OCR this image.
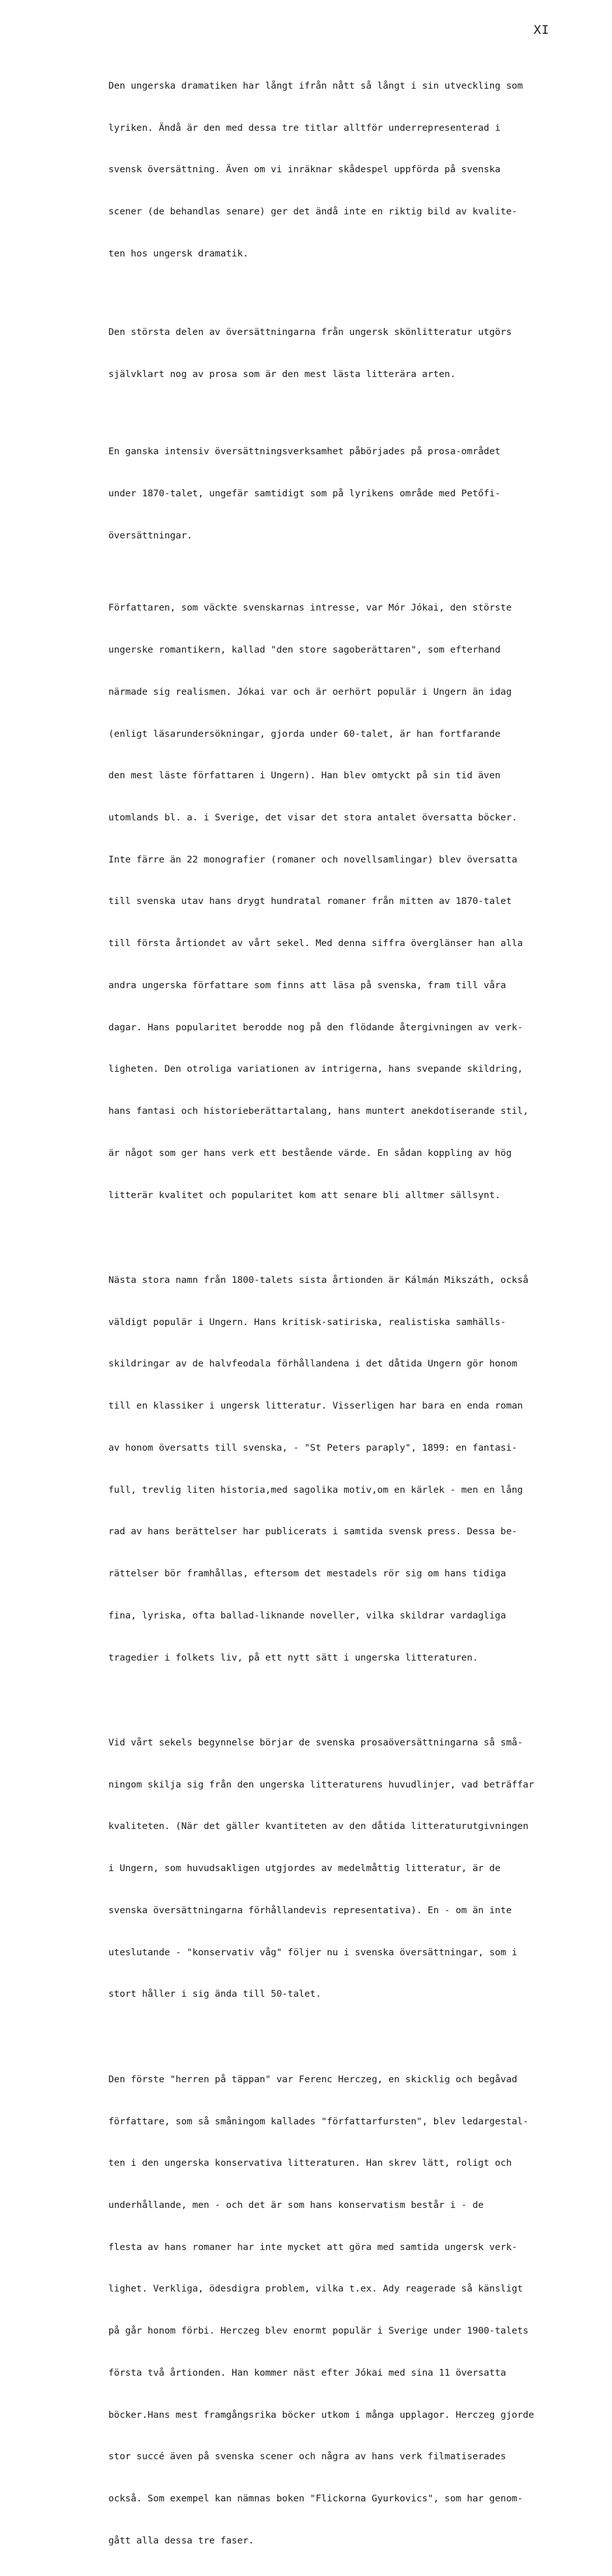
XI

Den ungerska dramatiken har långt ifrån nått så långt i sin utveckling som

lyriken. Ändå är den med dessa tre titlar alltför underrepresenterad i

svensk översättning. Även om vi inräknar skådespel uppförda på svenska

scener (de behandlas senare) ger det ändå inte en riktig bild av kvalite-

ten hos ungersk dramatik.

Den största delen av översättningarna från ungersk skönlitteratur utgörs

självklart nog av prosa som är den mest lästa litterära arten.

En ganska intensiv översättningsverksamhet påbörjades på prosa-området

under 1870-talet, ungefär samtidigt som på lyrikens område med Petőfi-

översättningar.

Författaren, som väckte svenskarnas intresse, var Mór Jókai, den störste

ungerske romantikern, kallad "den store sagoberättaren", som efterhand

närmade sig realismen. Jókai var och är oerhört populär i Ungern än idag

(enligt läsarundersökningar, gjorda under 60-talet, är han fortfarande

den mest läste författaren i Ungern). Han blev omtyckt på sin tid även

utomlands bl. a. i Sverige, det visar det stora antalet översatta böcker.

Inte färre än 22 monografier (romaner och novellsamlingar) blev översatta

till svenska utav hans drygt hundratal romaner från mitten av 1870-talet

till första årtiondet av vårt sekel. Med denna siffra överglänser han alla

andra ungerska författare som finns att läsa på svenska, fram till våra

dagar. Hans popularitet berodde nog på den flödande återgivningen av verk-

ligheten. Den otroliga variationen av intrigerna, hans svepande skildring,

hans fantasi och historieberättartalang, hans muntert anekdotiserande stil,

är något som ger hans verk ett bestående värde. En sådan koppling av hög

litterär kvalitet och popularitet kom att senare bli alltmer sällsynt.

Nästa stora namn från 1800-talets sista årtionden är Kálmán Mikszáth, också

väldigt populär i Ungern. Hans kritisk-satiriska, realistiska samhälls-

skildringar av de halvfeodala förhållandena i det dåtida Ungern gör honom

till en klassiker i ungersk litteratur. Visserligen har bara en enda roman

av honom översatts till svenska, - "St Peters paraply", 1899: en fantasi-

full, trevlig liten historia,med sagolika motiv,om en kärlek - men en lång

rad av hans berättelser har publicerats i samtida svensk press. Dessa be-

rättelser bör framhållas, eftersom det mestadels rör sig om hans tidiga

fina, lyriska, ofta ballad-liknande noveller, vilka skildrar vardagliga

tragedier i folkets liv, på ett nytt sätt i ungerska litteraturen.

Vid vårt sekels begynnelse börjar de svenska prosaöversättningarna så små-

ningom skilja sig från den ungerska litteraturens huvudlinjer, vad beträffar

kvaliteten. (När det gäller kvantiteten av den dåtida litteraturutgivningen

i Ungern, som huvudsakligen utgjordes av medelmåttig litteratur, är de

svenska översättningarna förhållandevis representativa). En - om än inte

uteslutande - "konservativ våg" följer nu i svenska översättningar, som i

stort håller i sig ända till 50-talet.

Den förste "herren på täppan" var Ferenc Herczeg, en skicklig och begåvad

författare, som så småningom kallades "författarfursten", blev ledargestal-

ten i den ungerska konservativa litteraturen. Han skrev lätt, roligt och

underhållande, men - och det är som hans konservatism består i - de

flesta av hans romaner har inte mycket att göra med samtida ungersk verk-

lighet. Verkliga, ödesdigra problem, vilka t.ex. Ady reagerade så känsligt

på går honom förbi. Herczeg blev enormt populär i Sverige under 1900-talets

första två årtionden. Han kommer näst efter Jókai med sina 11 översatta

böcker.Hans mest framgångsrika böcker utkom i många upplagor. Herczeg gjorde

stor succé även på svenska scener och några av hans verk filmatiserades

också. Som exempel kan nämnas boken "Flickorna Gyurkovics", som har genom-

gått alla dessa tre faser.
